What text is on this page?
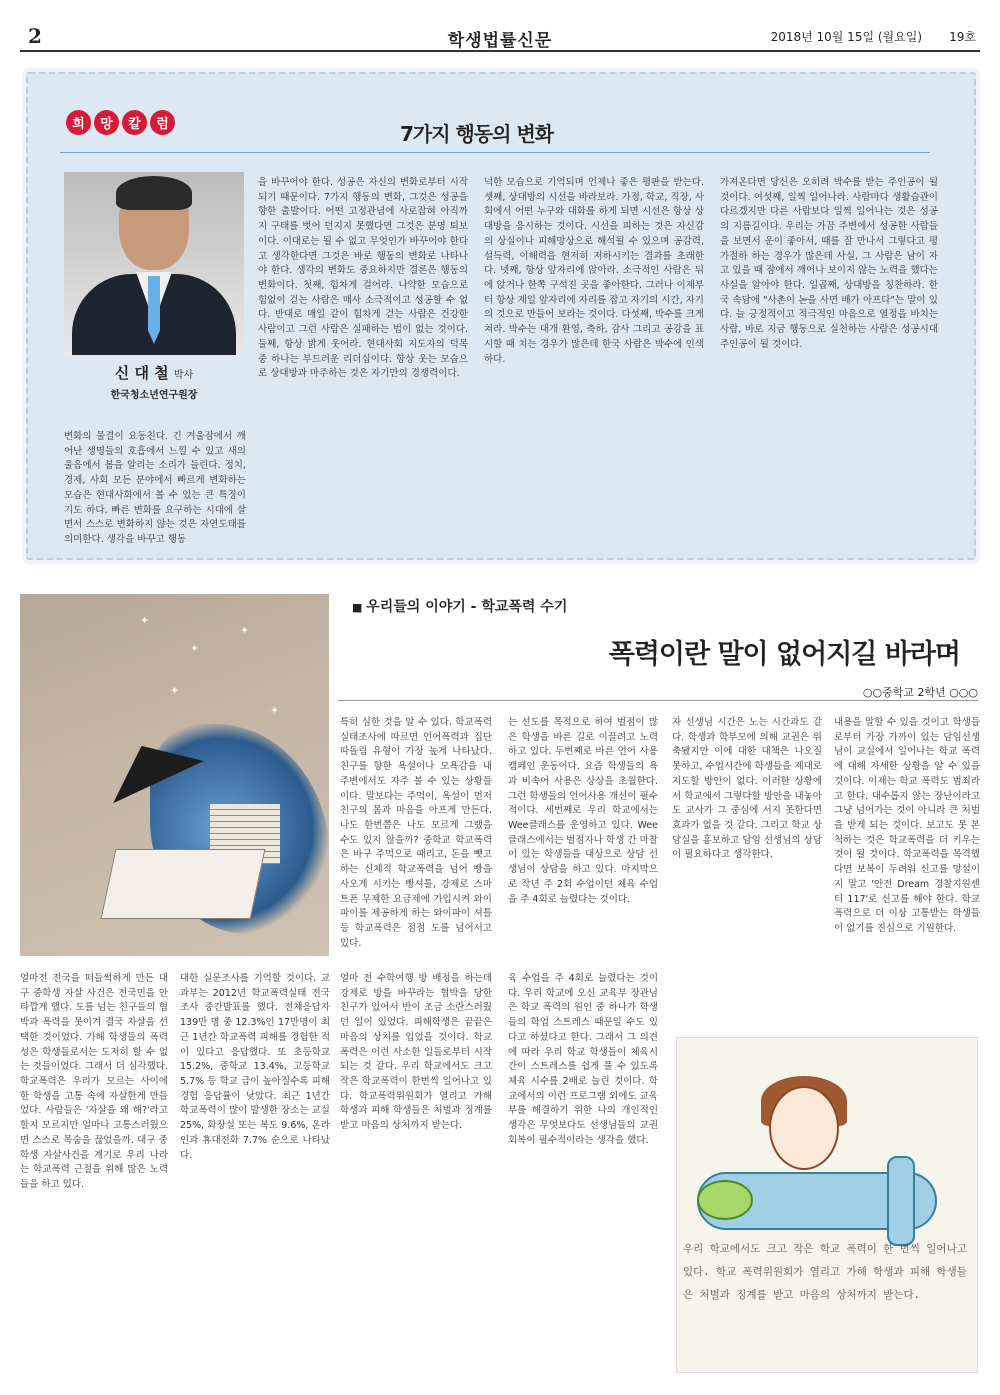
2	학생법률신문	2018년 10월 15일 (월요일) 19호
희	망	칼	럼	7가지 행동의 변화
신 대 철 박사
한국청소년연구원장
변화의 물결이 요동친다. 긴 겨울잠에서 깨어난 생명들의 호흡에서 느낄 수 있고 새의 울음에서 봄을 알리는 소리가 들린다. 정치, 경제, 사회 모든 분야에서 빠르게 변화하는 모습은 현대사회에서 볼 수 있는 큰 특징이기도 하다. 빠른 변화를 요구하는 시대에 살면서 스스로 변화하지 않는 것은 자연도태를 의미한다. 생각을 바꾸고 행동
을 바꾸어야 한다. 성공은 자신의 변화로부터 시작되기 때문이다. 7가지 행동의 변화, 그것은 성공을 향한 출발이다. 어떤 고정관념에 사로잡혀 아직까지 구태를 벗어 던지지 못했다면 그것은 분명 퇴보이다. 이대로는 될 수 없고 무엇인가 바꾸어야 한다고 생각한다면 그것은 바로 행동의 변화로 나타나야 한다. 생각의 변화도 중요하지만 결론은 행동의 변화이다. 첫째, 힘차게 걸어라. 나약한 모습으로 힘없이 걷는 사람은 매사 소극적이고 성공할 수 없다. 반대로 매일 같이 힘차게 걷는 사람은 건강한 사람이고 그런 사람은 실패하는 법이 없는 것이다. 둘째, 항상 밝게 웃어라. 현대사회 지도자의 덕목 중 하나는 부드러운 리더십이다. 항상 웃는 모습으로 상대방과 마주하는 것은 자기만의 경쟁력이다.
넉한 모습으로 기억되며 언제나 좋은 평판을 받는다. 셋째, 상대방의 시선을 바라보라. 가정, 학교, 직장, 사회에서 어떤 누구와 대화를 하게 되면 시선은 항상 상대방을 응시하는 것이다. 시선을 피하는 것은 자신감의 상실이나 피해망상으로 해석될 수 있으며 공감력, 설득력, 이해력을 현저히 저하시키는 결과를 초래한다. 넷째, 항상 앞자리에 앉아라. 소극적인 사람은 뒤에 앉거나 한쪽 구석진 곳을 좋아한다. 그러나 이제부터 항상 제일 앞자리에 자리를 잡고 자기의 시간, 자기의 것으로 만들어 보라는 것이다. 다섯째, 박수를 크게 쳐라. 박수는 대개 환영, 축하, 감사 그리고 공감을 표시할 때 치는 경우가 많은데 한국 사람은 박수에 인색하다.
가져온다면 당신은 오히려 박수를 받는 주인공이 될 것이다. 여섯째, 일찍 일어나라. 사람마다 생활습관이 다르겠지만 다른 사람보다 일찍 일어나는 것은 성공의 지름길이다. 우리는 가끔 주변에서 성공한 사람들을 보면서 운이 좋아서, 때를 잘 만나서 그렇다고 평가절하 하는 경우가 많은데 사실, 그 사람은 남이 자고 있을 때 잠에서 깨어나 보이지 않는 노력을 했다는 사실을 알아야 한다. 일곱째, 상대방을 칭찬하라. 한국 속담에 "사촌이 논을 사면 배가 아프다"는 말이 있다. 늘 긍정적이고 적극적인 마음으로 열정을 바치는 사람, 바로 지금 행동으로 실천하는 사람은 성공시대 주인공이 될 것이다.
✦
✦
✦
✦
✦
■ 우리들의 이야기 - 학교폭력 수기
폭력이란 말이 없어지길 바라며
○○중학교 2학년 ○○○
특히 심한 것을 알 수 있다. 학교폭력 실태조사에 따르면 언어폭력과 집단 따돌림 유형이 가장 높게 나타났다. 친구를 향한 욕설이나 모욕감을 내 주변에서도 자주 볼 수 있는 상황들이다. 말보다는 주먹이, 욕설이 먼저 친구의 몸과 마음을 아프게 만든다. 나도 한번쯤은 나도 모르게 그랬을 수도 있지 않을까? 중학교 학교폭력은 바구 주먹으로 때리고, 돈을 뺏고 하는 신체적 학교폭력을 넘어 빵을 사오게 시키는 빵셔틀, 강제로 스마트폰 무제한 요금제에 가입시켜 와이파이를 제공하게 하는 와이파이 셔틀 등 학교폭력은 점점 도를 넘어서고 있다.
는 선도를 목적으로 하여 벌점이 많은 학생을 바른 길로 이끌려고 노력하고 있다. 두번째로 바른 언어 사용 캠페인 운동이다. 요즘 학생들의 욕과 비속어 사용은 상상을 초월한다. 그런 학생들의 언어사용 개선이 필수적이다. 세번째로 우리 학교에서는 Wee클래스를 운영하고 있다. Wee클래스에서는 벌점자나 학생 간 마찰이 있는 학생들을 대상으로 상담 선생님이 상담을 하고 있다. 마지막으로 작년 주 2회 수업이던 체육 수업을 주 4회로 늘렸다는 것이다.
자 선생님 시간은 노는 시간과도 같다. 학생과 학부모에 의해 교권은 위축됐지만 이에 대한 대책은 나오질 못하고, 수업시간에 학생들을 제대로 지도할 방안이 없다. 이러한 상황에서 학교에서 그렇다할 방안을 내놓아도 교사가 그 중심에 서지 못한다면 효과가 없을 것 같다. 그리고 학교 상담실을 홍보하고 담임 선생님의 상담이 필요하다고 생각한다.
내용을 말할 수 있을 것이고 학생들로부터 가장 가까이 있는 담임선생님이 교실에서 일어나는 학교 폭력에 대해 자세한 상황을 알 수 있을 것이다. 이제는 학교 폭력도 범죄라고 한다. 대수롭지 않는 장난이라고 그냥 넘어가는 것이 아니라 큰 처벌을 받게 되는 것이다. 보고도 못 본척하는 것은 학교폭력을 더 키우는 것이 될 것이다. 학교폭력을 목격했다면 보복이 두려워 신고를 망설이지 말고 '안전 Dream 경찰지원센터 117'로 신고를 해야 한다. 학교폭력으로 더 이상 고통받는 학생들이 없기를 진심으로 기원한다.
얼마전 전국을 떠들썩하게 만든 대구 중학생 자살 사건은 전국민을 안타깝게 했다. 도를 넘는 친구들의 협박과 폭력을 못이겨 결국 자살을 선택한 것이었다. 가해 학생들의 폭력성은 학생들로서는 도저히 할 수 없는 것들이었다. 그래서 더 심각했다. 학교폭력은 우리가 모르는 사이에 한 학생을 고통 속에 자살한게 만들었다. 사람들은 '자살을 왜 해?'라고 할지 모르지만 얼마나 고통스러웠으면 스스로 목숨을 끊었을까. 대구 중학생 자살사건을 계기로 우리 나라는 학교폭력 근절을 위해 많은 노력들을 하고 있다.
대한 실문조사를 기억할 것이다. 교과부는 2012년 학교폭력실태 전국조사 중간발표를 했다. 전체응답자 139만 명 중 12.3%인 17만명이 최근 1년간 학교폭력 피해를 경험한 적이 있다고 응답했다. 또 초등학교 15.2%, 중학교 13.4%, 고등학교 5.7% 등 학교 급이 높아질수록 피해경험 응답률이 낮았다. 최근 1년간 학교폭력이 많이 발생한 장소는 교실 25%, 화장실 또는 복도 9.6%, 온라인과 휴대전화 7.7% 순으로 나타났다.
얼마 전 수학여행 방 배정을 하는데 강제로 방을 바꾸라는 협박을 당한 친구가 있어서 반이 조금 소란스러웠던 일이 있었다. 피해학생은 끝끝은 마음의 상처를 입었을 것이다. 학교폭력은 이런 사소한 일들로부터 시작되는 것 같다. 우리 학교에서도 크고 작은 학교폭력이 한번씩 일어나고 있다. 학교폭력위원회가 열리고 가해 학생과 피해 학생들은 처벌과 징계를 받고 마음의 상처까지 받는다.
육 수업을 주 4회로 늘렸다는 것이다. 우리 학교에 오신 교육부 장관님은 학교 폭력의 원인 중 하나가 학생들의 학업 스트레스 때문일 수도 있다고 하셨다고 한다. 그래서 그 의견에 따라 우리 학교 학생들이 체육시간이 스트레스를 쉽게 풀 수 있도록 체육 시수를 2배로 늘린 것이다. 학교에서의 이런 프로그램 외에도 교육부를 해결하기 위한 나의 개인적인 생각은 무엇보다도 선생님들의 교권 회복이 필수적이라는 생각을 했다.
우리 학교에서도 크고 작은 학교 폭력이 한 번씩 일어나고 있다. 학교 폭력위원회가 열리고 가해 학생과 피해 학생들은 처벌과 징계를 받고 마음의 상처까지 받는다.
